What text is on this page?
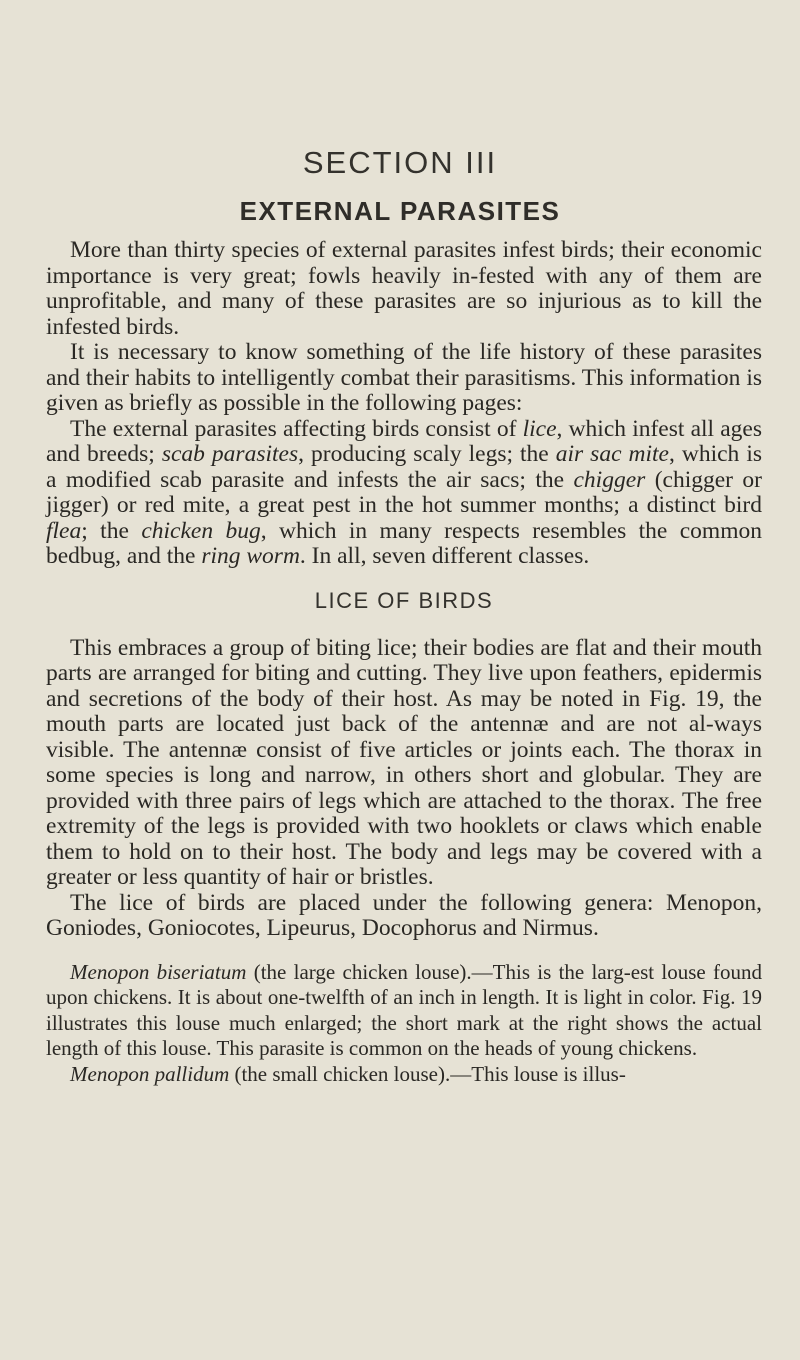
SECTION III
EXTERNAL PARASITES

More than thirty species of external parasites infest birds; their economic importance is very great; fowls heavily in-fested with any of them are unprofitable, and many of these parasites are so injurious as to kill the infested birds.

It is necessary to know something of the life history of these parasites and their habits to intelligently combat their parasitisms. This information is given as briefly as possible in the following pages:

The external parasites affecting birds consist of lice, which infest all ages and breeds; scab parasites, producing scaly legs; the air sac mite, which is a modified scab parasite and infests the air sacs; the chigger (chigger or jigger) or red mite, a great pest in the hot summer months; a distinct bird flea; the chicken bug, which in many respects resembles the common bedbug, and the ring worm. In all, seven different classes.

LICE OF BIRDS

This embraces a group of biting lice; their bodies are flat and their mouth parts are arranged for biting and cutting. They live upon feathers, epidermis and secretions of the body of their host. As may be noted in Fig. 19, the mouth parts are located just back of the antennæ and are not al-ways visible. The antennæ consist of five articles or joints each. The thorax in some species is long and narrow, in others short and globular. They are provided with three pairs of legs which are attached to the thorax. The free extremity of the legs is provided with two hooklets or claws which enable them to hold on to their host. The body and legs may be covered with a greater or less quantity of hair or bristles.

The lice of birds are placed under the following genera: Menopon, Goniodes, Goniocotes, Lipeurus, Docophorus and Nirmus.

Menopon biseriatum (the large chicken louse).—This is the larg-est louse found upon chickens. It is about one-twelfth of an inch in length. It is light in color. Fig. 19 illustrates this louse much enlarged; the short mark at the right shows the actual length of this louse. This parasite is common on the heads of young chickens.

Menopon pallidum (the small chicken louse).—This louse is illus-
